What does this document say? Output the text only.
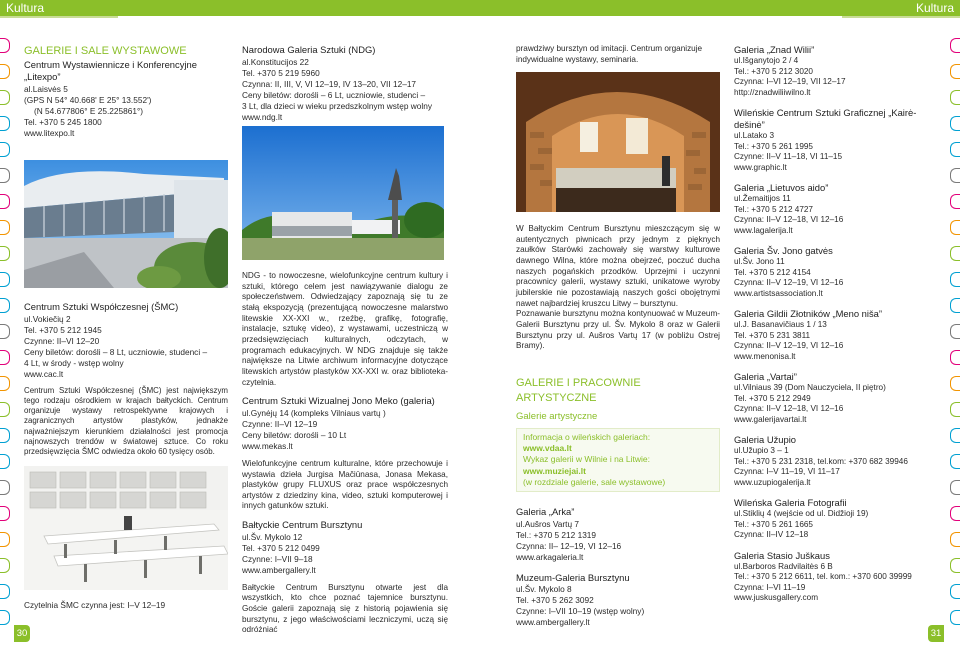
Kultura	Kultura

GALERIE I SALE WYSTAWOWE

Centrum Wystawiennicze i Konferencyjne „Litexpo”

al.Laisvės 5

(GPS N 54° 40.668' E 25° 13.552')

(N 54.677806° E 25.225861°)

Tel. +370 5 245 1800

www.litexpo.lt

Centrum Sztuki Współczesnej (ŠMC)

ul.Vokiečių 2

Tel. +370 5 212 1945

Czynne: II–VI 12–20

Ceny biletów: dorośli – 8 Lt, uczniowie, studenci –

4 Lt, w środy - wstęp wolny

www.cac.lt

Centrum Sztuki Współczesnej (ŠMC) jest największym tego rodzaju ośrodkiem w krajach bałtyckich. Centrum organizuje wystawy retrospektywne krajowych i zagranicznych artystów plastyków, jednakże najważniejszym kierunkiem działalności jest promocja najnowszych trendów w światowej sztuce. Co roku przedsięwzięcia ŠMC odwiedza około 60 tysięcy osób.

Czytelnia ŠMC czynna jest: I–V 12–19

30

Narodowa Galeria Sztuki (NDG)

al.Konstitucijos 22

Tel. +370 5 219 5960

Czynna: II, III, V, VI 12–19, IV 13–20, VII 12–17

Ceny biletów: dorośli – 6 Lt, uczniowie, studenci –

3 Lt, dla dzieci w wieku przedszkolnym wstęp wolny

www.ndg.lt

NDG - to nowoczesne, wielofunkcyjne centrum kultury i sztuki, którego celem jest nawiązywanie dialogu ze społeczeństwem. Odwiedzający zapoznają się tu ze stałą ekspozycją (prezentującą nowoczesne malarstwo litewskie XX-XXI w., rzeźbę, grafikę, fotografię, instalacje, sztukę video), z wystawami, uczestniczą w przedsięwzięciach kulturalnych, odczytach, w programach edukacyjnych. W NDG znajduje się także największe na Litwie archiwum informacyjne dotyczące litewskich artystów plastyków XX-XXI w. oraz biblioteka-czytelnia.

Centrum Sztuki Wizualnej Jono Meko (galeria)

ul.Gynėjų 14 (kompleks Vilniaus vartų )

Czynne: II–VI 12–19

Ceny biletów: dorośli – 10 Lt

www.mekas.lt

Wielofunkcyjne centrum kulturalne, które przechowuje i wystawia dzieła Jurgisa Mačiūnasa, Jonasa Mekasa, plastyków grupy FLUXUS oraz prace współczesnych artystów z dziedziny kina, video, sztuki komputerowej i innych gatunków sztuki.

Bałtyckie Centrum Bursztynu

ul.Šv. Mykolo 12

Tel. +370 5 212 0499

Czynne: I–VII 9–18

www.ambergallery.lt

Bałtyckie Centrum Bursztynu otwarte jest dla wszystkich, kto chce poznać tajemnice bursztynu. Goście galerii zapoznają się z historią pojawienia się bursztynu, z jego właściwościami leczniczymi, uczą się odróżniać

prawdziwy bursztyn od imitacji. Centrum organizuje indywidualne wystawy, seminaria.

W Bałtyckim Centrum Bursztynu mieszczącym się w autentycznych piwnicach przy jednym z pięknych zaułków Starówki zachowały się warstwy kulturowe dawnego Wilna, które można obejrzeć, poczuć ducha naszych pogańskich przodków. Uprzejmi i uczynni pracownicy galerii, wystawy sztuki, unikatowe wyroby jubilerskie nie pozostawiają naszych gości obojętnymi nawet najbardziej kruszcu Litwy – bursztynu.

Poznawanie bursztynu można kontynuować w Muzeum-Galerii Bursztynu przy ul. Šv. Mykolo 8 oraz w Galerii Bursztynu przy ul. Aušros Vartų 17 (w pobliżu Ostrej Bramy).

GALERIE I PRACOWNIE ARTYSTYCZNE

Galerie artystyczne

Informacja o wileńskich galeriach:

www.vdaa.lt

Wykaz galerii w Wilnie i na Litwie:

www.muziejai.lt

(w rozdziale galerie, sale wystawowe)

Galeria „Arka”

ul.Aušros Vartų 7

Tel.: +370 5 212 1319

Czynna: II– 12–19, VI 12–16

www.arkagaleria.lt

Muzeum-Galeria Bursztynu

ul.Šv. Mykolo 8

Tel. +370 5 262 3092

Czynne: I–VII 10–19 (wstęp wolny)

www.ambergallery.lt

Galeria „Znad Wilii”

ul.Išganytojo 2 / 4

Tel.: +370 5 212 3020

Czynna: I–VI 12–19, VII 12–17

http://znadwiliiwilno.lt

Wileńskie Centrum Sztuki Graficznej „Kairė-dešinė”

ul.Latako 3

Tel.: +370 5 261 1995

Czynne: II–V 11–18, VI 11–15

www.graphic.lt

Galeria „Lietuvos aido”

ul.Žemaitijos 11

Tel.: +370 5 212 4727

Czynna: II–V 12–18, VI 12–16

www.lagalerija.lt

Galeria Šv. Jono gatvės

ul.Šv. Jono 11

Tel. +370 5 212 4154

Czynna: II–V 12–19, VI 12–16

www.artistsassociation.lt

Galeria Gildii Złotników „Meno niša”

ul.J. Basanavičiaus 1 / 13

Tel. +370 5 231 3811

Czynna: II–V 12–19, VI 12–16

www.menonisa.lt

Galeria „Vartai”

ul.Vilniaus 39 (Dom Nauczyciela, II piętro)

Tel. +370 5 212 2949

Czynna: II–V 12–18, VI 12–16

www.galerijavartai.lt

Galeria Užupio

ul.Užupio 3 – 1

Tel.: +370 5 231 2318, tel.kom: +370 682 39946

Czynna: I–V 11–19, VI 11–17

www.uzupiogalerija.lt

Wileńska Galeria Fotografii

ul.Stiklių 4 (wejście od ul. Didžioji 19)

Tel.: +370 5 261 1665

Czynna: II–IV 12–18

Galeria Stasio Juškaus

ul.Barboros Radvilaitės 6 B

Tel.: +370 5 212 6611, tel. kom.: +370 600 39999

Czynna: I–VI 11–19

www.juskusgallery.com

31
